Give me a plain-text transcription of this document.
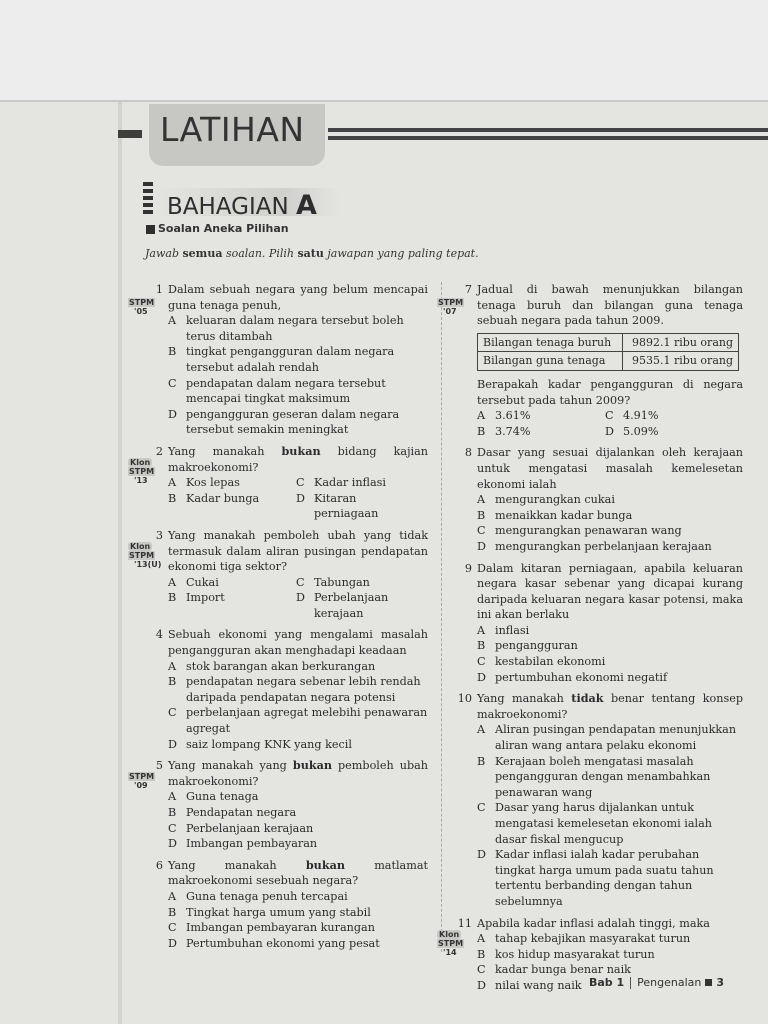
LATIHAN
BAHAGIAN A
Soalan Aneka Pilihan
Jawab semua soalan. Pilih satu jawapan yang paling tepat.
1
STPM
'05
Dalam sebuah negara yang belum mencapai guna tenaga penuh,
A keluaran dalam negara tersebut boleh terus ditambah
B tingkat pengangguran dalam negara tersebut adalah rendah
C pendapatan dalam negara tersebut mencapai tingkat maksimum
D pengangguran geseran dalam negara tersebut semakin meningkat
2
Klon
STPM
'13
Yang manakah bukan bidang kajian makroekonomi?
A Kos lepas	C Kadar inflasi
B Kadar bunga	D Kitaran perniagaan
3
Klon
STPM
'13(U)
Yang manakah pemboleh ubah yang tidak termasuk dalam aliran pusingan pendapatan ekonomi tiga sektor?
A Cukai	C Tabungan
B Import	D Perbelanjaan kerajaan
4 Sebuah ekonomi yang mengalami masalah pengangguran akan menghadapi keadaan
A stok barangan akan berkurangan
B pendapatan negara sebenar lebih rendah daripada pendapatan negara potensi
C perbelanjaan agregat melebihi penawaran agregat
D saiz lompang KNK yang kecil
5
STPM
'09
Yang manakah yang bukan pemboleh ubah makroekonomi?
A Guna tenaga
B Pendapatan negara
C Perbelanjaan kerajaan
D Imbangan pembayaran
6 Yang manakah bukan matlamat makroekonomi sesebuah negara?
A Guna tenaga penuh tercapai
B Tingkat harga umum yang stabil
C Imbangan pembayaran kurangan
D Pertumbuhan ekonomi yang pesat
7
STPM
'07
Jadual di bawah menunjukkan bilangan tenaga buruh dan bilangan guna tenaga sebuah negara pada tahun 2009.
Bilangan tenaga buruh	9892.1 ribu orang
Bilangan guna tenaga	9535.1 ribu orang
Berapakah kadar pengangguran di negara tersebut pada tahun 2009?
A 3.61%	C 4.91%
B 3.74%	D 5.09%
8 Dasar yang sesuai dijalankan oleh kerajaan untuk mengatasi masalah kemelesetan ekonomi ialah
A mengurangkan cukai
B menaikkan kadar bunga
C mengurangkan penawaran wang
D mengurangkan perbelanjaan kerajaan
9 Dalam kitaran perniagaan, apabila keluaran negara kasar sebenar yang dicapai kurang daripada keluaran negara kasar potensi, maka ini akan berlaku
A inflasi
B pengangguran
C kestabilan ekonomi
D pertumbuhan ekonomi negatif
10 Yang manakah tidak benar tentang konsep makroekonomi?
A Aliran pusingan pendapatan menunjukkan aliran wang antara pelaku ekonomi
B Kerajaan boleh mengatasi masalah pengangguran dengan menambahkan penawaran wang
C Dasar yang harus dijalankan untuk mengatasi kemelesetan ekonomi ialah dasar fiskal mengucup
D Kadar inflasi ialah kadar perubahan tingkat harga umum pada suatu tahun tertentu berbanding dengan tahun sebelumnya
11
Klon
STPM
'14
Apabila kadar inflasi adalah tinggi, maka
A tahap kebajikan masyarakat turun
B kos hidup masyarakat turun
C kadar bunga benar naik
D nilai wang naik Bab 1 Pengenalan 3
